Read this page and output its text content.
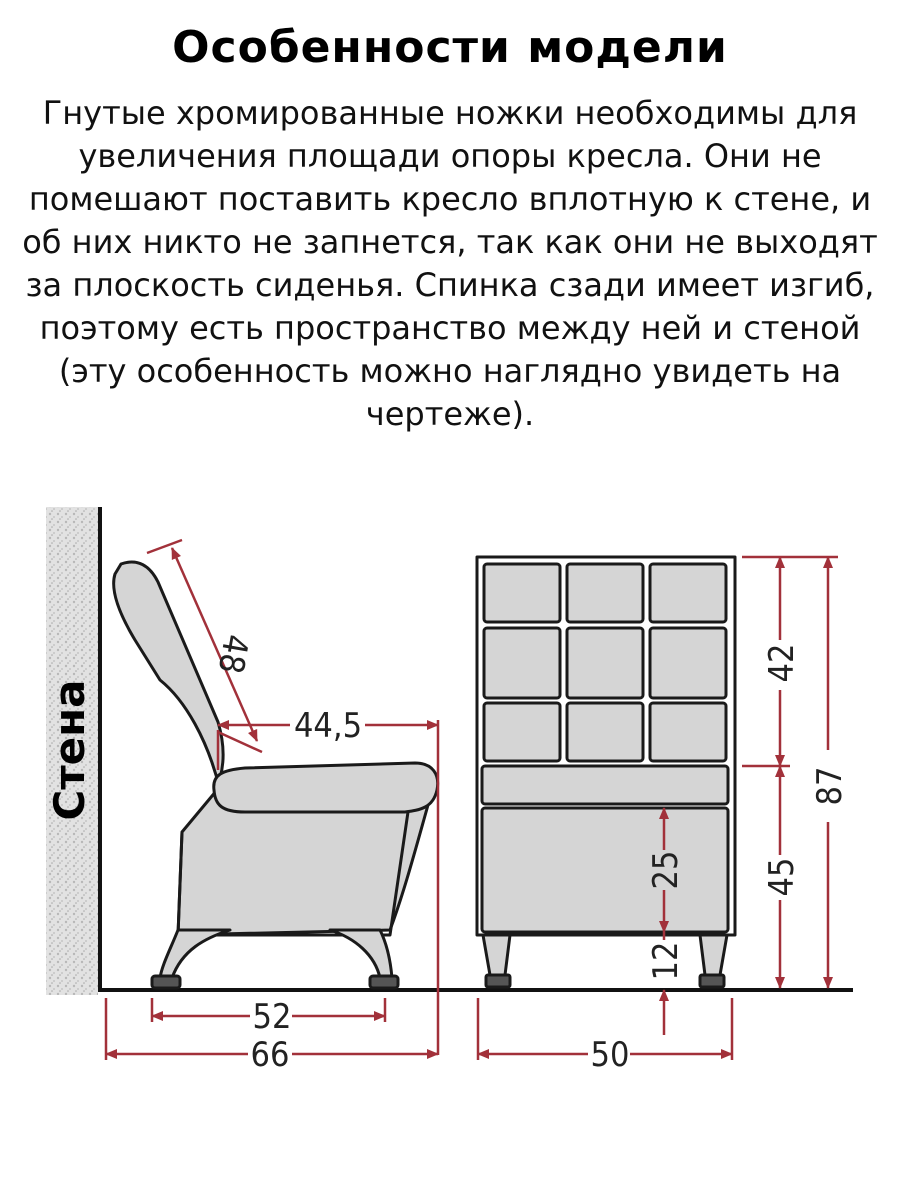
Особенности модели
Гнутые хромированные ножки необходимы для увеличения площади опоры кресла. Они не помешают поставить кресло вплотную к стене, и об них никто не запнется, так как они не выходят за плоскость сиденья. Спинка сзади имеет изгиб, поэтому есть пространство между ней и стеной (эту особенность можно наглядно увидеть на чертеже).
Стена
48
44,5
52
66	50
42
45
87
25
12
